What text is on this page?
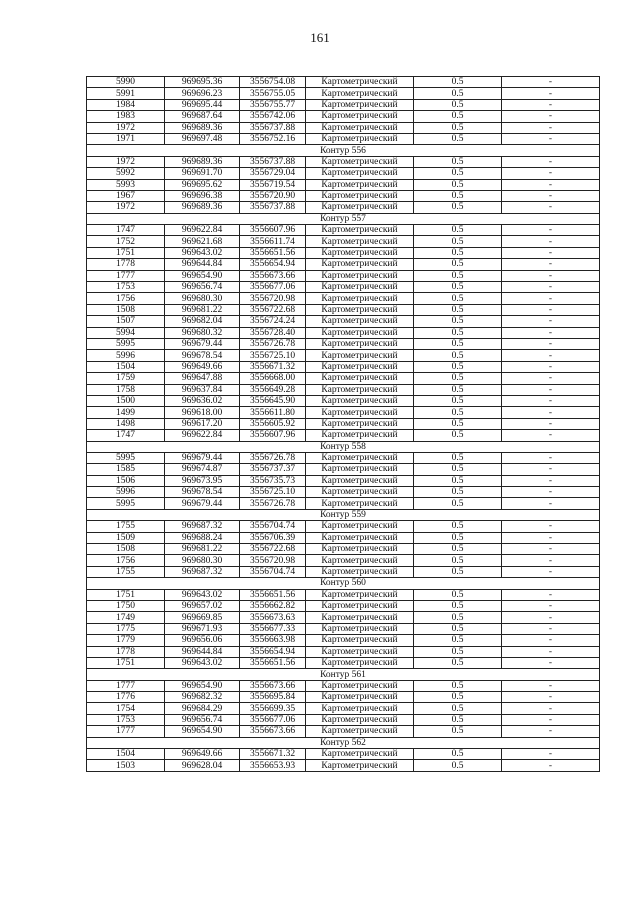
161
5990	969695.36	3556754.08	Картометрический	0.5	-
5991	969696.23	3556755.05	Картометрический	0.5	-
1984	969695.44	3556755.77	Картометрический	0.5	-
1983	969687.64	3556742.06	Картометрический	0.5	-
1972	969689.36	3556737.88	Картометрический	0.5	-
1971	969697.48	3556752.16	Картометрический	0.5	-
Контур 556					
1972	969689.36	3556737.88	Картометрический	0.5	-
5992	969691.70	3556729.04	Картометрический	0.5	-
5993	969695.62	3556719.54	Картометрический	0.5	-
1967	969696.38	3556720.90	Картометрический	0.5	-
1972	969689.36	3556737.88	Картометрический	0.5	-
Контур 557					
1747	969622.84	3556607.96	Картометрический	0.5	-
1752	969621.68	3556611.74	Картометрический	0.5	-
1751	969643.02	3556651.56	Картометрический	0.5	-
1778	969644.84	3556654.94	Картометрический	0.5	-
1777	969654.90	3556673.66	Картометрический	0.5	-
1753	969656.74	3556677.06	Картометрический	0.5	-
1756	969680.30	3556720.98	Картометрический	0.5	-
1508	969681.22	3556722.68	Картометрический	0.5	-
1507	969682.04	3556724.24	Картометрический	0.5	-
5994	969680.32	3556728.40	Картометрический	0.5	-
5995	969679.44	3556726.78	Картометрический	0.5	-
5996	969678.54	3556725.10	Картометрический	0.5	-
1504	969649.66	3556671.32	Картометрический	0.5	-
1759	969647.88	3556668.00	Картометрический	0.5	-
1758	969637.84	3556649.28	Картометрический	0.5	-
1500	969636.02	3556645.90	Картометрический	0.5	-
1499	969618.00	3556611.80	Картометрический	0.5	-
1498	969617.20	3556605.92	Картометрический	0.5	-
1747	969622.84	3556607.96	Картометрический	0.5	-
Контур 558					
5995	969679.44	3556726.78	Картометрический	0.5	-
1585	969674.87	3556737.37	Картометрический	0.5	-
1506	969673.95	3556735.73	Картометрический	0.5	-
5996	969678.54	3556725.10	Картометрический	0.5	-
5995	969679.44	3556726.78	Картометрический	0.5	-
Контур 559					
1755	969687.32	3556704.74	Картометрический	0.5	-
1509	969688.24	3556706.39	Картометрический	0.5	-
1508	969681.22	3556722.68	Картометрический	0.5	-
1756	969680.30	3556720.98	Картометрический	0.5	-
1755	969687.32	3556704.74	Картометрический	0.5	-
Контур 560					
1751	969643.02	3556651.56	Картометрический	0.5	-
1750	969657.02	3556662.82	Картометрический	0.5	-
1749	969669.85	3556673.63	Картометрический	0.5	-
1775	969671.93	3556677.33	Картометрический	0.5	-
1779	969656.06	3556663.98	Картометрический	0.5	-
1778	969644.84	3556654.94	Картометрический	0.5	-
1751	969643.02	3556651.56	Картометрический	0.5	-
Контур 561					
1777	969654.90	3556673.66	Картометрический	0.5	-
1776	969682.32	3556695.84	Картометрический	0.5	-
1754	969684.29	3556699.35	Картометрический	0.5	-
1753	969656.74	3556677.06	Картометрический	0.5	-
1777	969654.90	3556673.66	Картометрический	0.5	-
Контур 562					
1504	969649.66	3556671.32	Картометрический	0.5	-
1503	969628.04	3556653.93	Картометрический	0.5	-
